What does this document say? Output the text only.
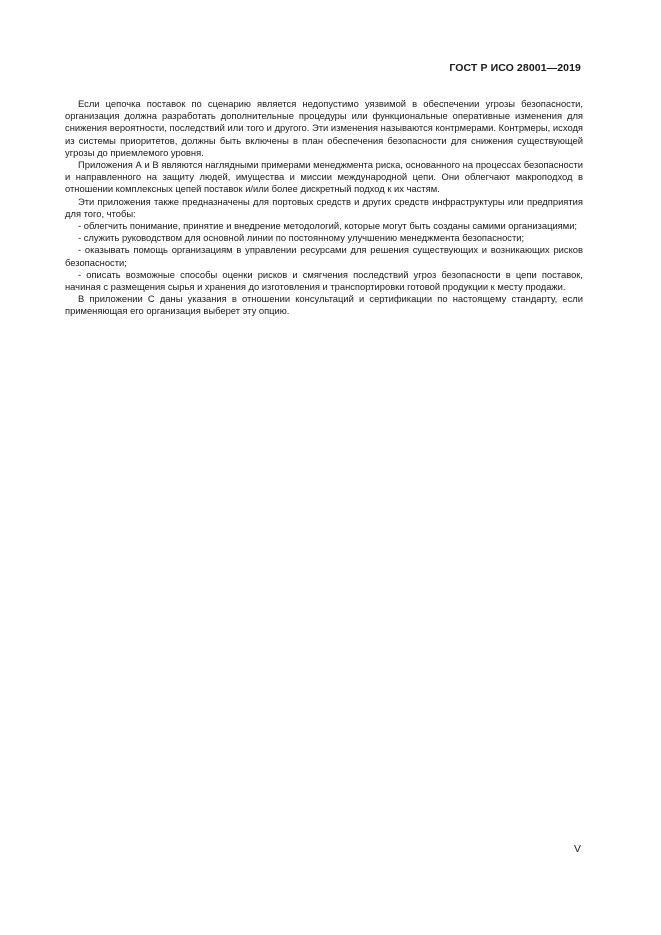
ГОСТ Р ИСО 28001—2019

Если цепочка поставок по сценарию является недопустимо уязвимой в обеспечении угрозы безопасности, организация должна разработать дополнительные процедуры или функциональные оперативные изменения для снижения вероятности, последствий или того и другого. Эти изменения называются контрмерами. Контрмеры, исходя из системы приоритетов, должны быть включены в план обеспечения безопасности для снижения существующей угрозы до приемлемого уровня.

Приложения А и В являются наглядными примерами менеджмента риска, основанного на процессах безопасности и направленного на защиту людей, имущества и миссии международной цепи. Они облегчают макроподход в отношении комплексных цепей поставок и/или более дискретный подход к их частям.

Эти приложения также предназначены для портовых средств и других средств инфраструктуры или предприятия для того, чтобы:

- облегчить понимание, принятие и внедрение методологий, которые могут быть созданы самими организациями;

- служить руководством для основной линии по постоянному улучшению менеджмента безопасности;

- оказывать помощь организациям в управлении ресурсами для решения существующих и возникающих рисков безопасности;

- описать возможные способы оценки рисков и смягчения последствий угроз безопасности в цепи поставок, начиная с размещения сырья и хранения до изготовления и транспортировки готовой продукции к месту продажи.

В приложении С даны указания в отношении консультаций и сертификации по настоящему стандарту, если применяющая его организация выберет эту опцию.

V
